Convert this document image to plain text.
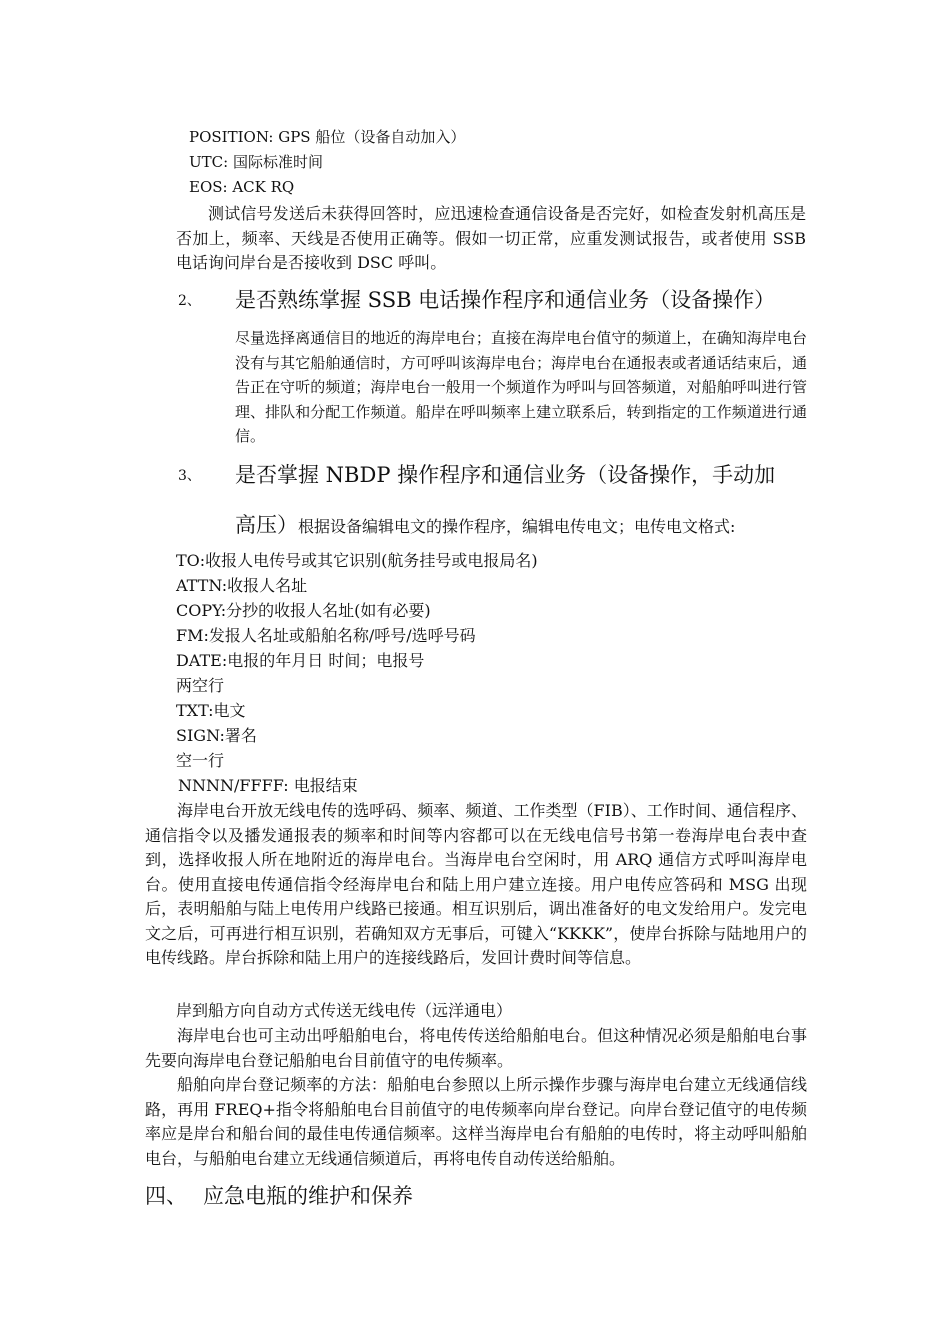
POSITION: GPS 船位（设备自动加入）
UTC: 国际标准时间
EOS: ACK RQ
测试信号发送后未获得回答时，应迅速检查通信设备是否完好，如检查发射机高压是否加上，频率、天线是否使用正确等。假如一切正常，应重发测试报告，或者使用 SSB 电话询问岸台是否接收到 DSC 呼叫。
2、 是否熟练掌握 SSB 电话操作程序和通信业务（设备操作）
尽量选择离通信目的地近的海岸电台；直接在海岸电台值守的频道上，在确知海岸电台没有与其它船舶通信时，方可呼叫该海岸电台；海岸电台在通报表或者通话结束后，通告正在守听的频道；海岸电台一般用一个频道作为呼叫与回答频道，对船舶呼叫进行管理、排队和分配工作频道。船岸在呼叫频率上建立联系后，转到指定的工作频道进行通信。
3、 是否掌握 NBDP 操作程序和通信业务（设备操作，手动加
高压）根据设备编辑电文的操作程序，编辑电传电文；电传电文格式:
TO:收报人电传号或其它识别(航务挂号或电报局名)
ATTN:收报人名址
COPY:分抄的收报人名址(如有必要)
FM:发报人名址或船舶名称/呼号/选呼号码
DATE:电报的年月日 时间；电报号
两空行
TXT:电文
SIGN:署名
空一行
NNNN/FFFF: 电报结束
海岸电台开放无线电传的选呼码、频率、频道、工作类型（FIB）、工作时间、通信程序、通信指令以及播发通报表的频率和时间等内容都可以在无线电信号书第一卷海岸电台表中查到，选择收报人所在地附近的海岸电台。当海岸电台空闲时，用 ARQ 通信方式呼叫海岸电台。使用直接电传通信指令经海岸电台和陆上用户建立连接。用户电传应答码和 MSG 出现后，表明船舶与陆上电传用户线路已接通。相互识别后，调出准备好的电文发给用户。发完电文之后，可再进行相互识别，若确知双方无事后，可键入“KKKK”，使岸台拆除与陆地用户的电传线路。岸台拆除和陆上用户的连接线路后，发回计费时间等信息。
岸到船方向自动方式传送无线电传（远洋通电）
海岸电台也可主动出呼船舶电台，将电传传送给船舶电台。但这种情况必须是船舶电台事先要向海岸电台登记船舶电台目前值守的电传频率。
船舶向岸台登记频率的方法：船舶电台参照以上所示操作步骤与海岸电台建立无线通信线路，再用 FREQ+指令将船舶电台目前值守的电传频率向岸台登记。向岸台登记值守的电传频率应是岸台和船台间的最佳电传通信频率。这样当海岸电台有船舶的电传时，将主动呼叫船舶电台，与船舶电台建立无线通信频道后，再将电传自动传送给船舶。
四、 应急电瓶的维护和保养
